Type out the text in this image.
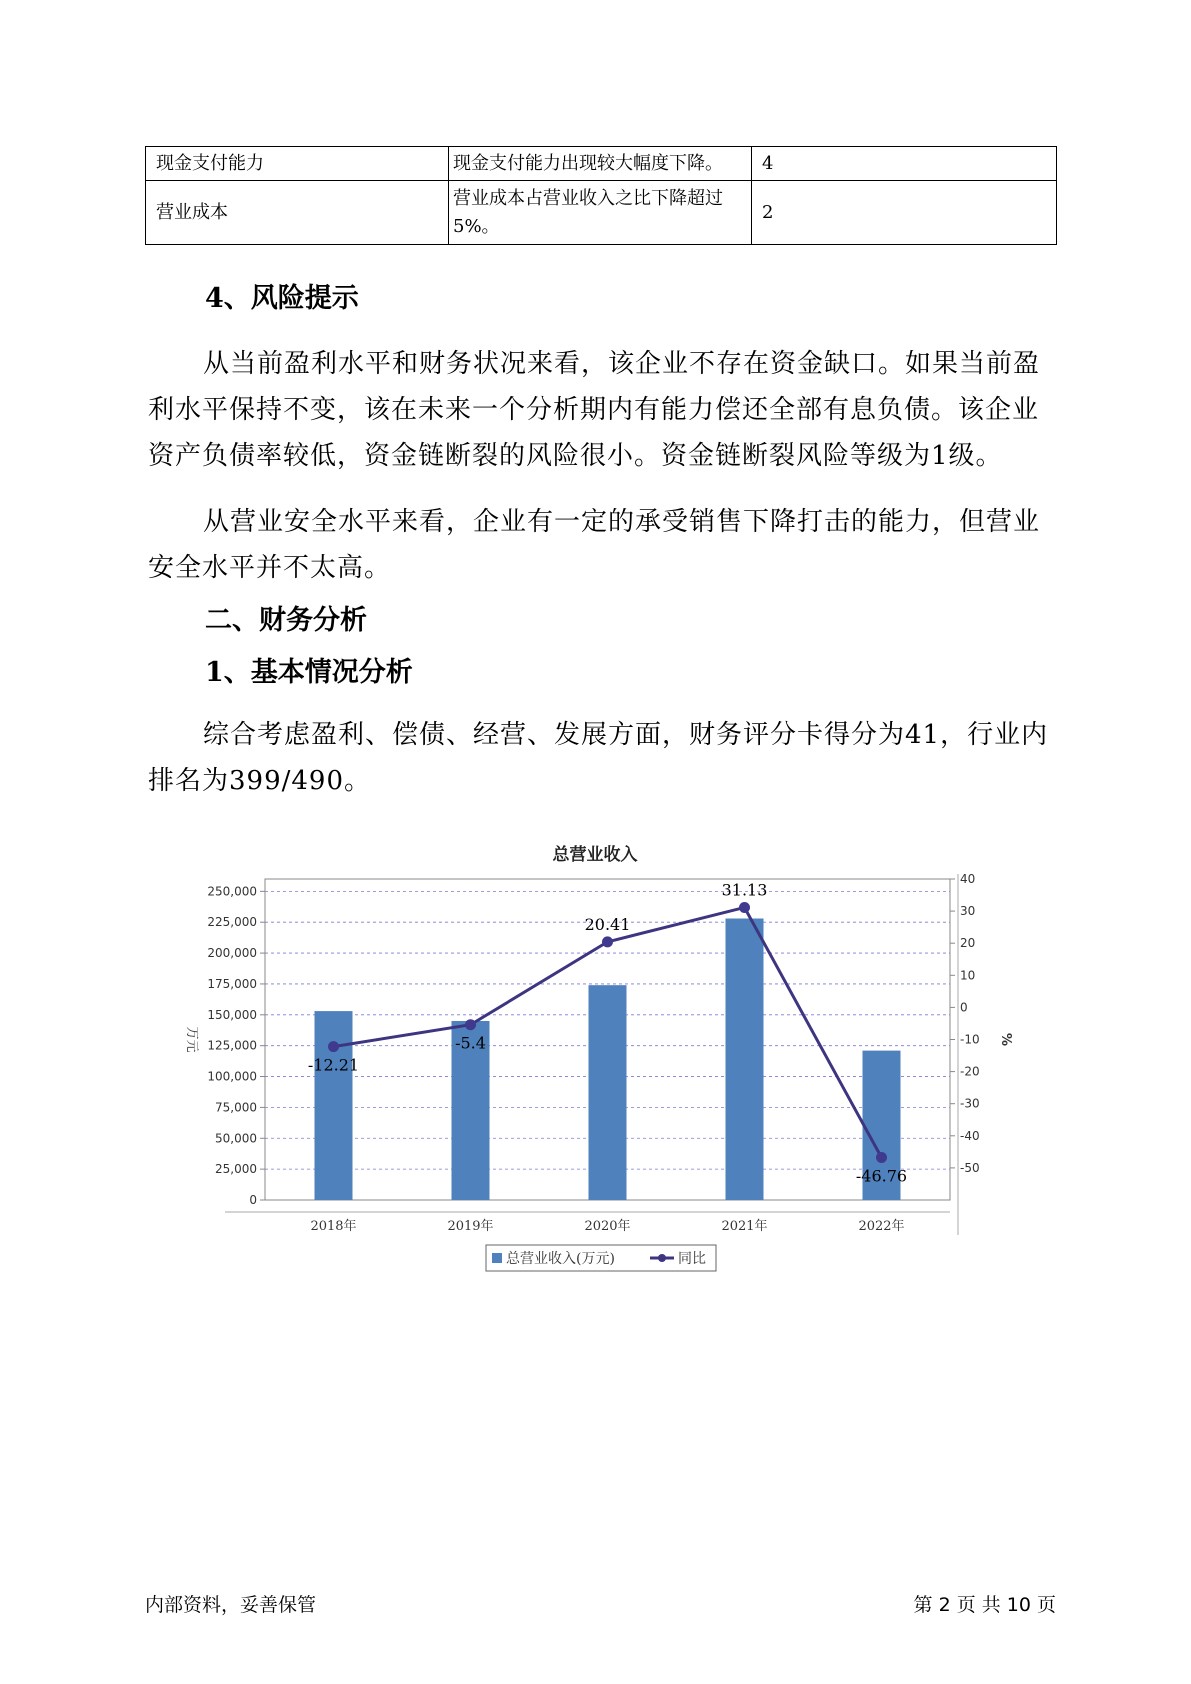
现金支付能力	现金支付能力出现较大幅度下降。	4
营业成本	营业成本占营业收入之比下降超过5%。	2
4、风险提示

从当前盈利水平和财务状况来看，该企业不存在资金缺口。如果当前盈利水平保持不变，该在未来一个分析期内有能力偿还全部有息负债。该企业资产负债率较低，资金链断裂的风险很小。资金链断裂风险等级为1级。

从营业安全水平来看，企业有一定的承受销售下降打击的能力，但营业安全水平并不太高。

二、财务分析
1、基本情况分析

综合考虑盈利、偿债、经营、发展方面，财务评分卡得分为41，行业内排名为399/490。

总营业收入
0
25,000
50,000
75,000
100,000
125,000
150,000
175,000
200,000
225,000
250,000
-50
-40
-30
-20
-10
0
10
20
30
40
万元	%
2018年	2019年	2020年	2021年	2022年
-12.21
-5.4
20.41
31.13
-46.76
总营业收入(万元)	同比
内部资料，妥善保管	第 2 页 共 10 页
